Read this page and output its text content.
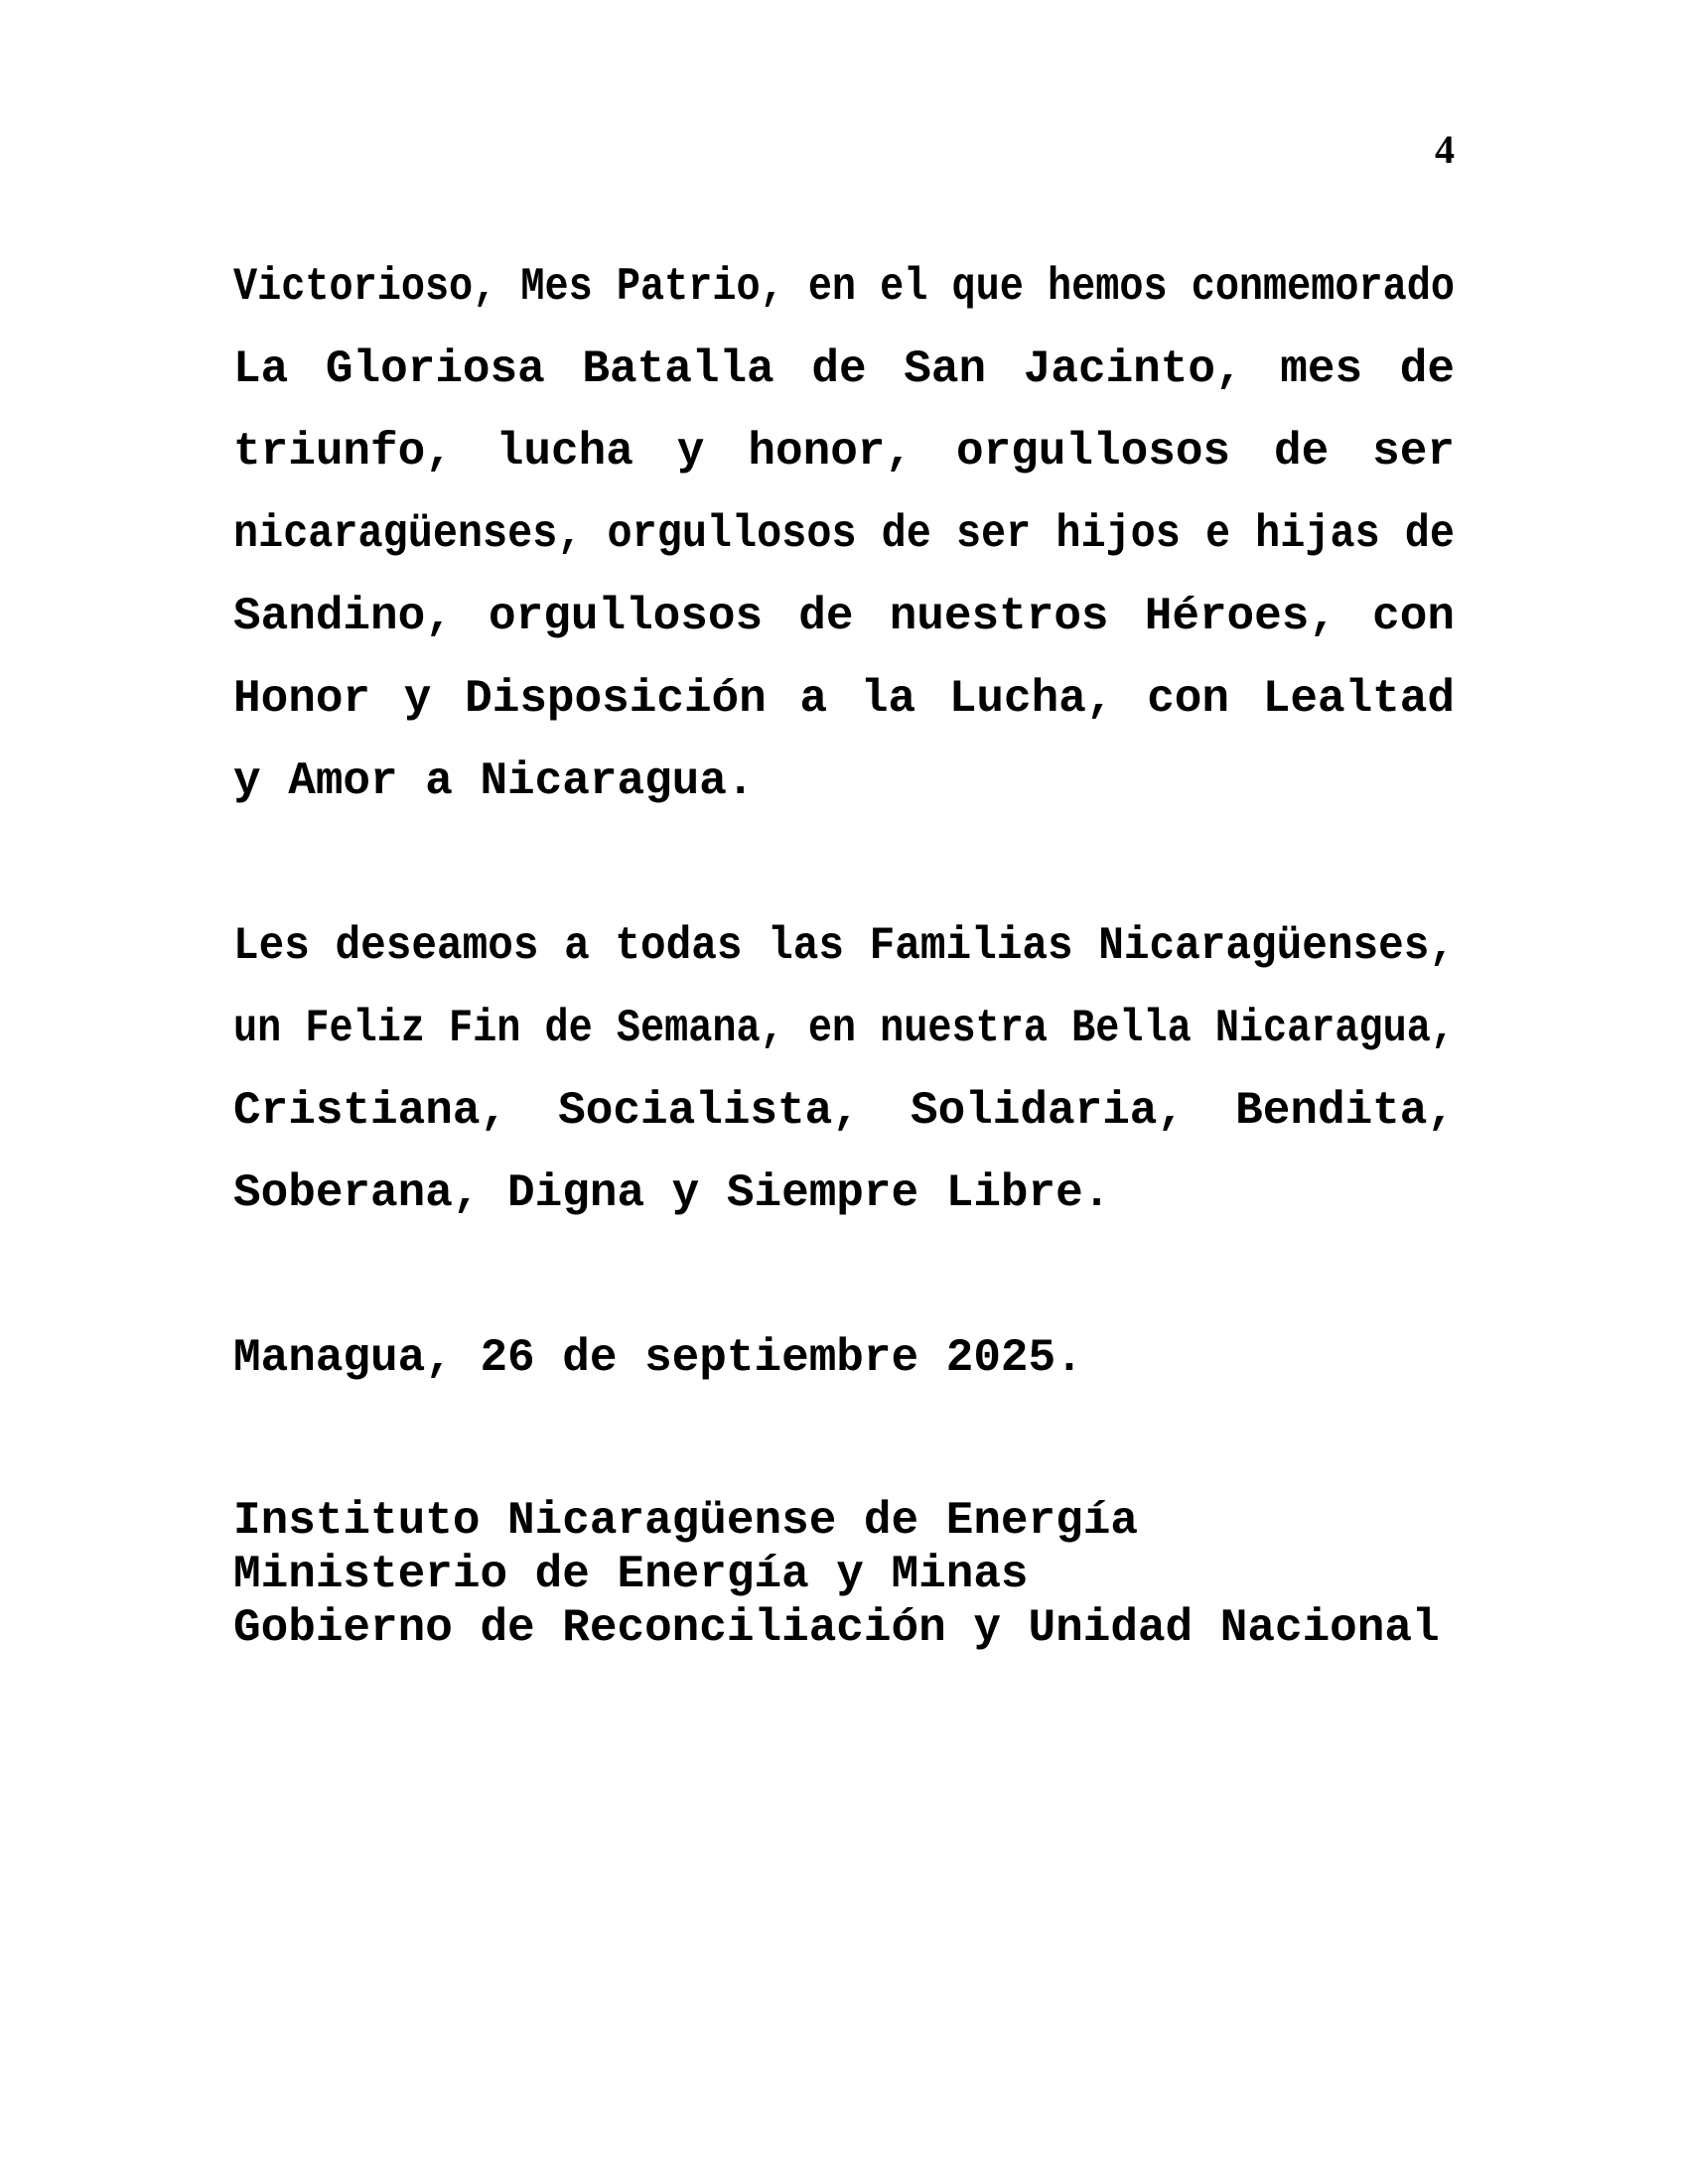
4
Victorioso, Mes Patrio, en el que hemos conmemorado
La Gloriosa Batalla de San Jacinto, mes de
triunfo, lucha y honor, orgullosos de ser
nicaragüenses, orgullosos de ser hijos e hijas de
Sandino, orgullosos de nuestros Héroes, con
Honor y Disposición a la Lucha, con Lealtad
y Amor a Nicaragua.
Les deseamos a todas las Familias Nicaragüenses,
un Feliz Fin de Semana, en nuestra Bella Nicaragua,
Cristiana, Socialista, Solidaria, Bendita,
Soberana, Digna y Siempre Libre.
Managua, 26 de septiembre 2025.
Instituto Nicaragüense de Energía
Ministerio de Energía y Minas
Gobierno de Reconciliación y Unidad Nacional
